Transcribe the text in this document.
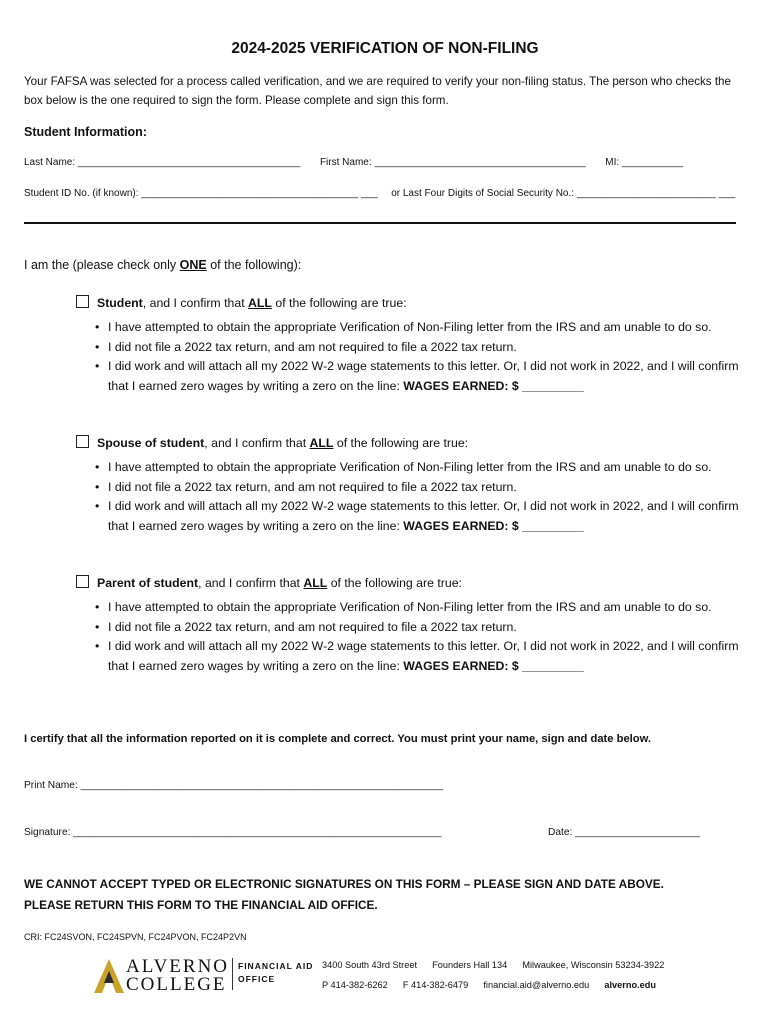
2024-2025 VERIFICATION OF NON-FILING
Your FAFSA was selected for a process called verification, and we are required to verify your non-filing status. The person who checks the box below is the one required to sign the form. Please complete and sign this form.
Student Information:
Last Name: ________________________________________ First Name: ______________________________________ MI: ___________
Student ID No. (if known): _______________________________________ ___ or Last Four Digits of Social Security No.: _________________________ ___
I am the (please check only ONE of the following):
Student, and I confirm that ALL of the following are true:
• I have attempted to obtain the appropriate Verification of Non-Filing letter from the IRS and am unable to do so.
• I did not file a 2022 tax return, and am not required to file a 2022 tax return.
• I did work and will attach all my 2022 W-2 wage statements to this letter. Or, I did not work in 2022, and I will confirm that I earned zero wages by writing a zero on the line: WAGES EARNED: $ _________
Spouse of student, and I confirm that ALL of the following are true:
• I have attempted to obtain the appropriate Verification of Non-Filing letter from the IRS and am unable to do so.
• I did not file a 2022 tax return, and am not required to file a 2022 tax return.
• I did work and will attach all my 2022 W-2 wage statements to this letter. Or, I did not work in 2022, and I will confirm that I earned zero wages by writing a zero on the line: WAGES EARNED: $ _________
Parent of student, and I confirm that ALL of the following are true:
• I have attempted to obtain the appropriate Verification of Non-Filing letter from the IRS and am unable to do so.
• I did not file a 2022 tax return, and am not required to file a 2022 tax return.
• I did work and will attach all my 2022 W-2 wage statements to this letter. Or, I did not work in 2022, and I will confirm that I earned zero wages by writing a zero on the line: WAGES EARNED: $ _________
I certify that all the information reported on it is complete and correct. You must print your name, sign and date below.
Print Name: ________________________________________________________________
Signature: _________________________________________________________________	Date: ______________________
WE CANNOT ACCEPT TYPED OR ELECTRONIC SIGNATURES ON THIS FORM – PLEASE SIGN AND DATE ABOVE.
PLEASE RETURN THIS FORM TO THE FINANCIAL AID OFFICE.
CRI: FC24SVON, FC24SPVN, FC24PVON, FC24P2VN
ALVERNO
COLLEGE
FINANCIAL AID
OFFICE
3400 South 43rd Street Founders Hall 134 Milwaukee, Wisconsin 53234-3922
P 414-382-6262 F 414-382-6479 financial.aid@alverno.edu alverno.edu
